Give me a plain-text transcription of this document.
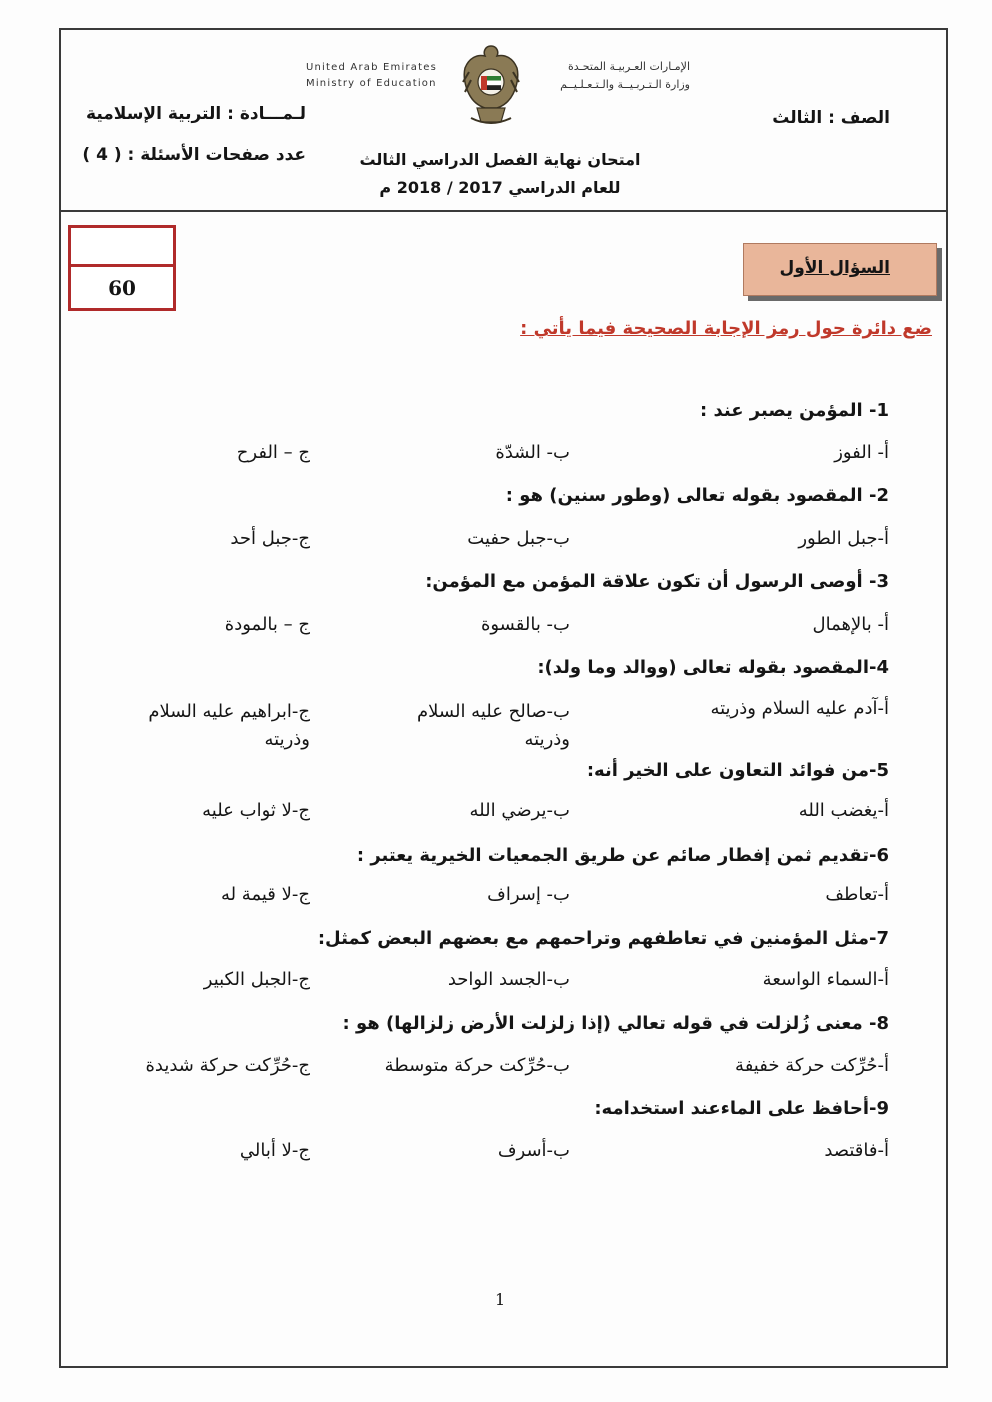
United Arab Emirates
Ministry of Education
الإمـارات العـربيـة المتحـدة
وزارة الـتـربـيــة والـتـعـلـيــم
الصف : الثالث
لـمـــادة : التربية الإسلامية
عدد صفحات الأسئلة : ( 4 )	امتحان نهاية الفصل الدراسي الثالث
للعام الدراسي 2017 / 2018 م
60
السؤال الأول
ضع دائرة حول رمز الإجابة الصحيحة فيما يأتي :
1- المؤمن يصبر عند :
أ- الفوز
ب- الشدّة
ج – الفرح
2- المقصود بقوله تعالى (وطور سنين) هو :
أ-جبل الطور
ب-جبل حفيت
ج-جبل أحد
3- أوصى الرسول أن تكون علاقة المؤمن مع المؤمن:
أ- بالإهمال
ب- بالقسوة
ج – بالمودة
4-المقصود بقوله تعالى (ووالد وما ولد):
أ-آدم عليه السلام وذريته
ب-صالح عليه السلام وذريته
ج-ابراهيم عليه السلام وذريته
5-من فوائد التعاون على الخير أنه:
أ-يغضب الله
ب-يرضي الله
ج-لا ثواب عليه
6-تقديم ثمن إفطار صائم عن طريق الجمعيات الخيرية يعتبر :
أ-تعاطف
ب- إسراف
ج-لا قيمة له
7-مثل المؤمنين في تعاطفهم وتراحمهم مع بعضهم البعض كمثل:
أ-السماء الواسعة
ب-الجسد الواحد
ج-الجبل الكبير
8- معنى زُلزلت في قوله تعالي (إذا زلزلت الأرض زلزالها) هو :
أ-حُرِّكت حركة خفيفة
ب-حُرِّكت حركة متوسطة
ج-حُرِّكت حركة شديدة
9-أحافظ على الماءعند استخدامه:
أ-فاقتصد
ب-أسرف
ج-لا أبالي
1
